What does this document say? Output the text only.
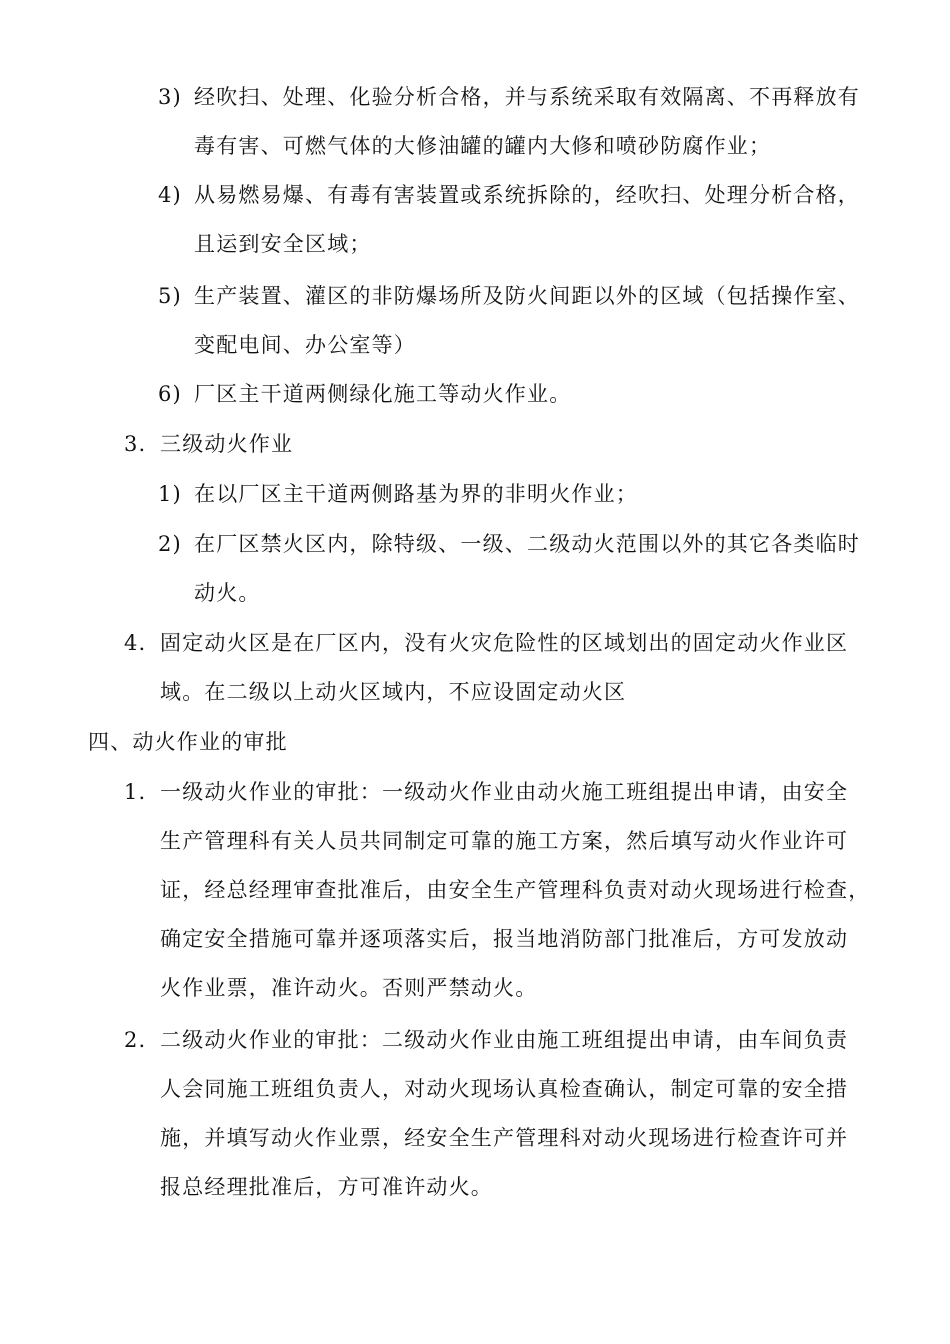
3) 经吹扫、处理、化验分析合格，并与系统采取有效隔离、不再释放有
毒有害、可燃气体的大修油罐的罐内大修和喷砂防腐作业；
4) 从易燃易爆、有毒有害装置或系统拆除的，经吹扫、处理分析合格，
且运到安全区域；
5) 生产装置、灌区的非防爆场所及防火间距以外的区域（包括操作室、
变配电间、办公室等）
6) 厂区主干道两侧绿化施工等动火作业。
3. 三级动火作业
1) 在以厂区主干道两侧路基为界的非明火作业；
2) 在厂区禁火区内，除特级、一级、二级动火范围以外的其它各类临时
动火。
4. 固定动火区是在厂区内，没有火灾危险性的区域划出的固定动火作业区
域。在二级以上动火区域内，不应设固定动火区
四、动火作业的审批
1. 一级动火作业的审批：一级动火作业由动火施工班组提出申请，由安全
生产管理科有关人员共同制定可靠的施工方案，然后填写动火作业许可
证，经总经理审查批准后，由安全生产管理科负责对动火现场进行检查，
确定安全措施可靠并逐项落实后，报当地消防部门批准后，方可发放动
火作业票，准许动火。否则严禁动火。
2. 二级动火作业的审批：二级动火作业由施工班组提出申请，由车间负责
人会同施工班组负责人，对动火现场认真检查确认，制定可靠的安全措
施，并填写动火作业票，经安全生产管理科对动火现场进行检查许可并
报总经理批准后，方可准许动火。
